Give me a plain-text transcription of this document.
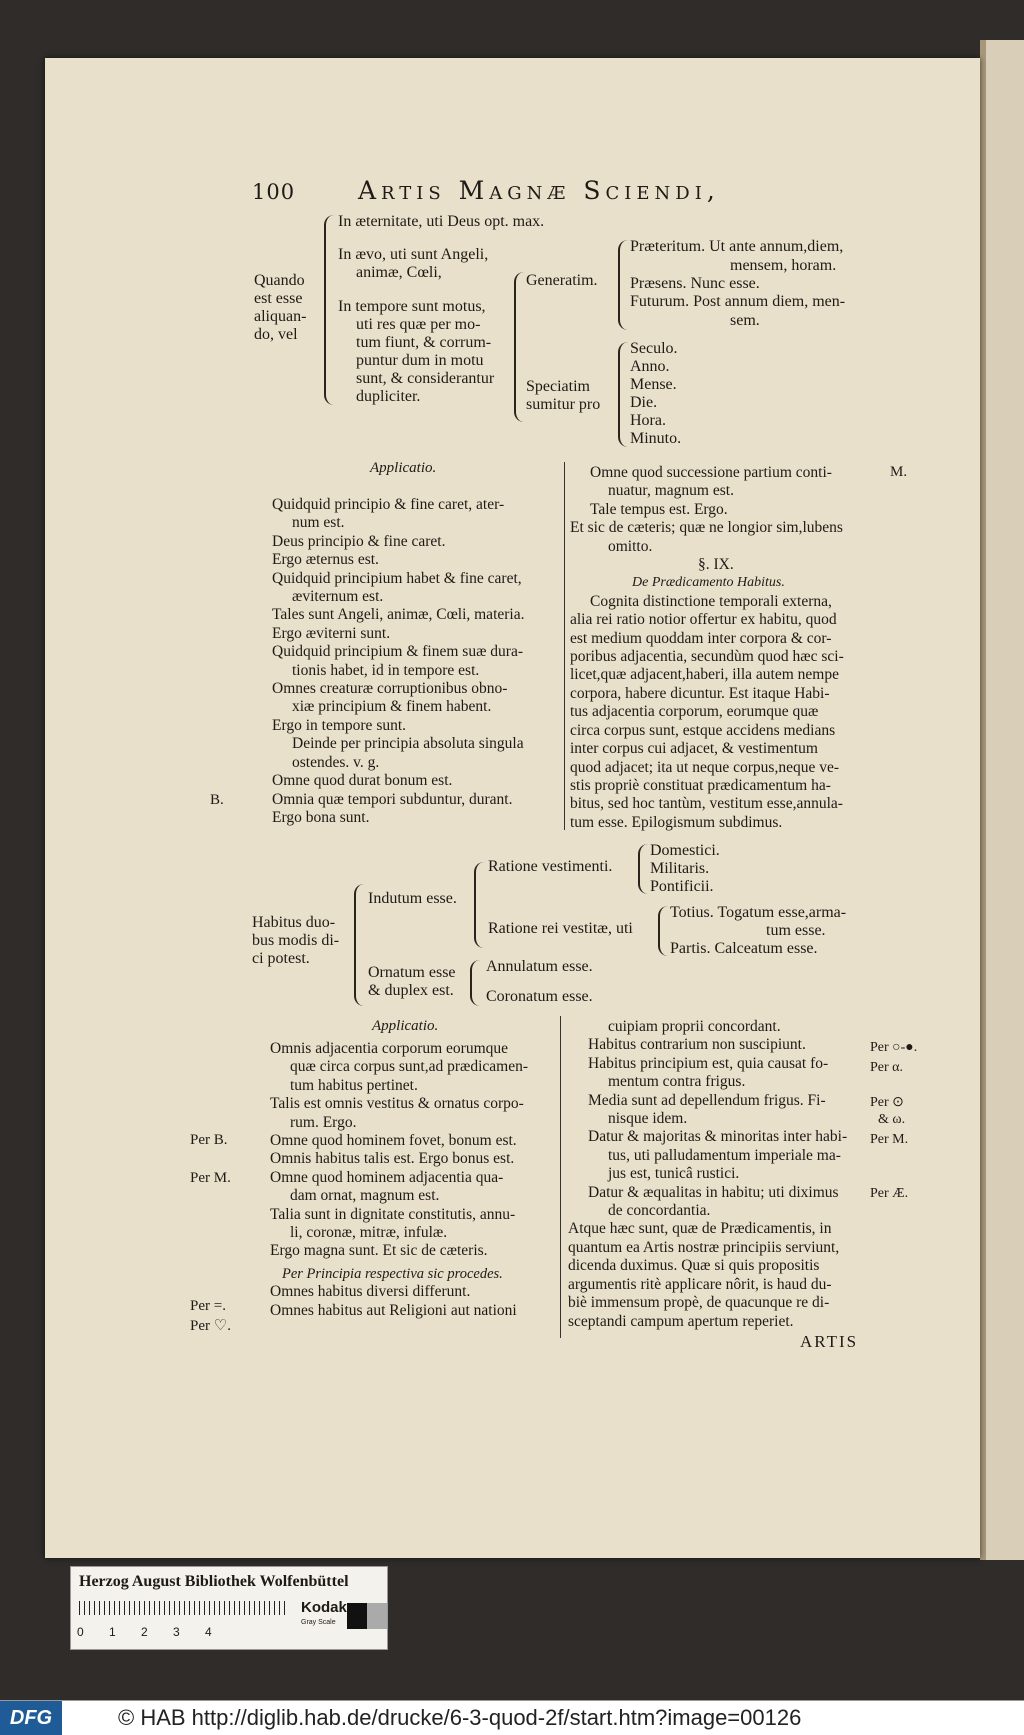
100	Artis Magnæ Sciendi,
Quando
est esse
aliquan-
do, vel
In æternitate, uti Deus opt. max.
In ævo, uti sunt Angeli,
animæ, Cœli,
In tempore sunt motus,
uti res quæ per mo-
tum fiunt, & corrum-
puntur dum in motu
sunt, & considerantur
dupliciter.
Generatim.
Speciatim
sumitur pro
Præteritum. Ut ante annum,diem,
mensem, horam.
Præsens. Nunc esse.
Futurum. Post annum diem, men-
sem.
Seculo.
Anno.
Mense.
Die.
Hora.
Minuto.
Applicatio.

Quidquid principio & fine caret, ater-

num est.

Deus principio & fine caret.

Ergo æternus est.

Quidquid principium habet & fine caret,

æviternum est.

Tales sunt Angeli, animæ, Cœli, materia.

Ergo æviterni sunt.

Quidquid principium & finem suæ dura-

tionis habet, id in tempore est.

Omnes creaturæ corruptionibus obno-

xiæ principium & finem habent.

Ergo in tempore sunt.

Deinde per principia absoluta singula

ostendes. v. g.

Omne quod durat bonum est.

Omnia quæ tempori subduntur, durant.

Ergo bona sunt.

B.

Omne quod successione partium conti-

nuatur, magnum est.

Tale tempus est. Ergo.

Et sic de cæteris; quæ ne longior sim,lubens

omitto.

§. IX.

De Prædicamento Habitus.

Cognita distinctione temporali externa,

alia rei ratio notior offertur ex habitu, quod

est medium quoddam inter corpora & cor-

poribus adjacentia, secundùm quod hæc sci-

licet,quæ adjacent,haberi, illa autem nempe

corpora, habere dicuntur. Est itaque Habi-

tus adjacentia corporum, eorumque quæ

circa corpus sunt, estque accidens medians

inter corpus cui adjacet, & vestimentum

quod adjacet; ita ut neque corpus,neque ve-

stis propriè constituat prædicamentum ha-

bitus, sed hoc tantùm, vestitum esse,annula-

tum esse. Epilogismum subdimus.

M.
Habitus duo-
bus modis di-
ci potest.
Indutum esse.
Ornatum esse
& duplex est.
Ratione vestimenti.
Ratione rei vestitæ, uti
Domestici.
Militaris.
Pontificii.
Totius. Togatum esse,arma-
tum esse.
Partis. Calceatum esse.
Annulatum esse.
Coronatum esse.
Applicatio.

Omnis adjacentia corporum eorumque

quæ circa corpus sunt,ad prædicamen-

tum habitus pertinet.

Talis est omnis vestitus & ornatus corpo-

rum. Ergo.

Omne quod hominem fovet, bonum est.

Omnis habitus talis est. Ergo bonus est.

Omne quod hominem adjacentia qua-

dam ornat, magnum est.

Talia sunt in dignitate constitutis, annu-

li, coronæ, mitræ, infulæ.

Ergo magna sunt. Et sic de cæteris.

Per Principia respectiva sic procedes.

Omnes habitus diversi differunt.

Omnes habitus aut Religioni aut nationi

Per B.
Per M.
Per =.
Per ♡.

cuipiam proprii concordant.

Habitus contrarium non suscipiunt.

Habitus principium est, quia causat fo-

mentum contra frigus.

Media sunt ad depellendum frigus. Fi-

nisque idem.

Datur & majoritas & minoritas inter habi-

tus, uti palludamentum imperiale ma-

jus est, tunicâ rustici.

Datur & æqualitas in habitu; uti diximus

de concordantia.

Atque hæc sunt, quæ de Prædicamentis, in

quantum ea Artis nostræ principiis serviunt,

dicenda duximus. Quæ si quis propositis

argumentis ritè applicare nôrit, is haud du-

biè immensum propè, de quacunque re di-

sceptandi campum apertum reperiet.

Per ○-●.
Per α.
Per ⊙
& ω.
Per M.
Per Æ.
ARTIS
Herzog August Bibliothek Wolfenbüttel
0 1 2 3 4
Kodak
Gray Scale
DFG	© HAB http://diglib.hab.de/drucke/6-3-quod-2f/start.htm?image=00126
